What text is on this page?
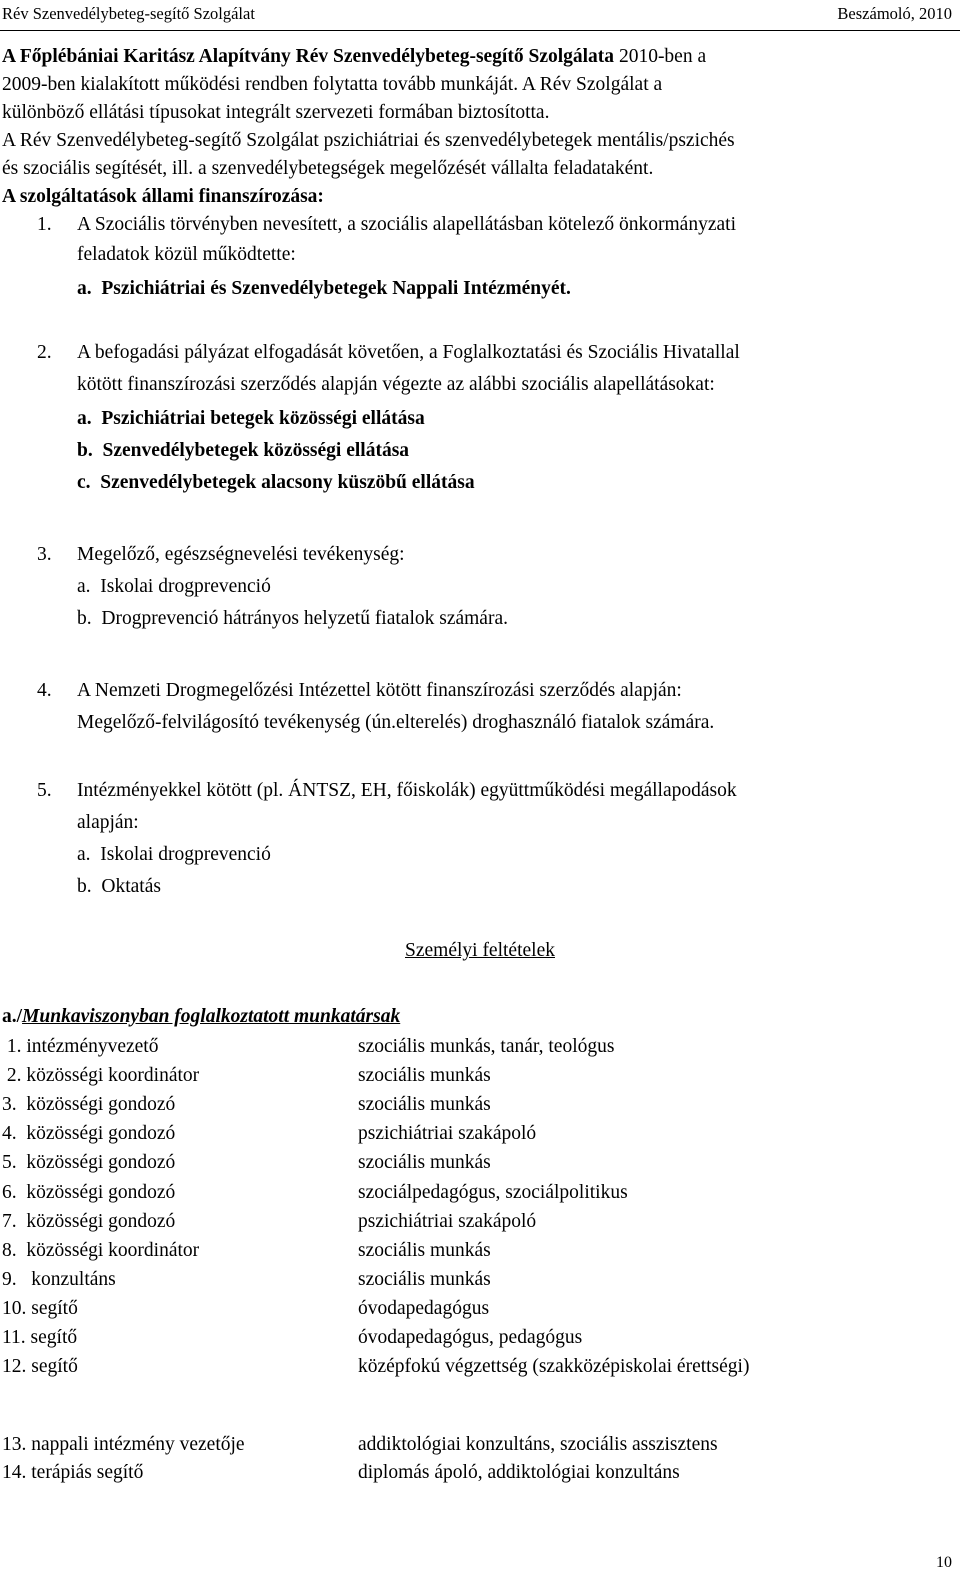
Rév Szenvedélybeteg-segítő Szolgálat	Beszámoló, 2010
A Főplébániai Karitász Alapítvány Rév Szenvedélybeteg-segítő Szolgálata 2010-ben a
2009-ben kialakított működési rendben folytatta tovább munkáját. A Rév Szolgálat a
különböző ellátási típusokat integrált szervezeti formában biztosította.
A Rév Szenvedélybeteg-segítő Szolgálat pszichiátriai és szenvedélybetegek mentális/pszichés
és szociális segítését, ill. a szenvedélybetegségek megelőzését vállalta feladataként.
A szolgáltatások állami finanszírozása:
1. A Szociális törvényben nevesített, a szociális alapellátásban kötelező önkormányzati
feladatok közül működtette:
a. Pszichiátriai és Szenvedélybetegek Nappali Intézményét.
2. A befogadási pályázat elfogadását követően, a Foglalkoztatási és Szociális Hivatallal
kötött finanszírozási szerződés alapján végezte az alábbi szociális alapellátásokat:
a. Pszichiátriai betegek közösségi ellátása
b. Szenvedélybetegek közösségi ellátása
c. Szenvedélybetegek alacsony küszöbű ellátása
3. Megelőző, egészségnevelési tevékenység:
a. Iskolai drogprevenció
b. Drogprevenció hátrányos helyzetű fiatalok számára.
4. A Nemzeti Drogmegelőzési Intézettel kötött finanszírozási szerződés alapján:
Megelőző-felvilágosító tevékenység (ún.elterelés) droghasználó fiatalok számára.
5. Intézményekkel kötött (pl. ÁNTSZ, EH, főiskolák) együttműködési megállapodások
alapján:
a. Iskolai drogprevenció
b. Oktatás
Személyi feltételek
a./Munkaviszonyban foglalkoztatott munkatársak
1. intézményvezető	szociális munkás, tanár, teológus
2. közösségi koordinátor	szociális munkás
3.  közösségi gondozó	szociális munkás
4.  közösségi gondozó	pszichiátriai szakápoló
5.  közösségi gondozó	szociális munkás
6.  közösségi gondozó	szociálpedagógus, szociálpolitikus
7.  közösségi gondozó	pszichiátriai szakápoló
8.  közösségi koordinátor	szociális munkás
9.   konzultáns	szociális munkás
10. segítő	óvodapedagógus
11. segítő	óvodapedagógus, pedagógus
12. segítő	középfokú végzettség (szakközépiskolai érettségi)
13. nappali intézmény vezetője	addiktológiai konzultáns, szociális asszisztens
14. terápiás segítő	diplomás ápoló, addiktológiai konzultáns
10
